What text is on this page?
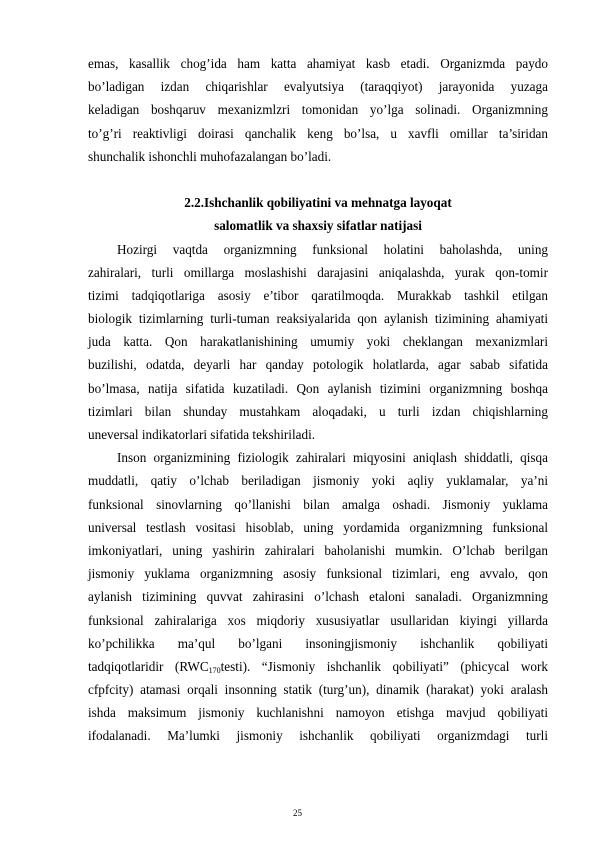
emas, kasallik chog’ida ham katta ahamiyat kasb etadi. Organizmda paydo
bo’ladigan izdan chiqarishlar evalyutsiya (taraqqiyot) jarayonida yuzaga
keladigan boshqaruv mexanizmlzri tomonidan yo’lga solinadi. Organizmning
to’g’ri reaktivligi doirasi qanchalik keng bo’lsa, u xavfli omillar ta’siridan
shunchalik ishonchli muhofazalangan bo’ladi.
2.2.Ishchanlik qobiliyatini va mehnatga layoqat
salomatlik va shaxsiy sifatlar natijasi
Hozirgi vaqtda organizmning funksional holatini baholashda, uning
zahiralari, turli omillarga moslashishi darajasini aniqalashda, yurak qon-tomir
tizimi tadqiqotlariga asosiy e’tibor qaratilmoqda. Murakkab tashkil etilgan
biologik tizimlarning turli-tuman reaksiyalarida qon aylanish tizimining ahamiyati
juda katta. Qon harakatlanishining umumiy yoki cheklangan mexanizmlari
buzilishi, odatda, deyarli har qanday potologik holatlarda, agar sabab sifatida
bo’lmasa, natija sifatida kuzatiladi. Qon aylanish tizimini organizmning boshqa
tizimlari bilan shunday mustahkam aloqadaki, u turli izdan chiqishlarning
uneversal indikatorlari sifatida tekshiriladi.
Inson organizmining fiziologik zahiralari miqyosini aniqlash shiddatli, qisqa
muddatli, qatiy o’lchab beriladigan jismoniy yoki aqliy yuklamalar, ya’ni
funksional sinovlarning qo’llanishi bilan amalga oshadi. Jismoniy yuklama
universal testlash vositasi hisoblab, uning yordamida organizmning funksional
imkoniyatlari, uning yashirin zahiralari baholanishi mumkin. O’lchab berilgan
jismoniy yuklama organizmning asosiy funksional tizimlari, eng avvalo, qon
aylanish tizimining quvvat zahirasini o’lchash etaloni sanaladi. Organizmning
funksional zahiralariga xos miqdoriy xususiyatlar usullaridan kiyingi yillarda
ko’pchilikka ma’qul bo’lgani insoningjismoniy ishchanlik qobiliyati
tadqiqotlaridir $(RWC_{170}testi)$. “Jismoniy ishchanlik qobiliyati” (phicycal work
cfpfcity) atamasi orqali insonning statik (turg’un), dinamik (harakat) yoki aralash
ishda maksimum jismoniy kuchlanishni namoyon etishga mavjud qobiliyati
ifodalanadi. Ma’lumki jismoniy ishchanlik qobiliyati organizmdagi turli
25
